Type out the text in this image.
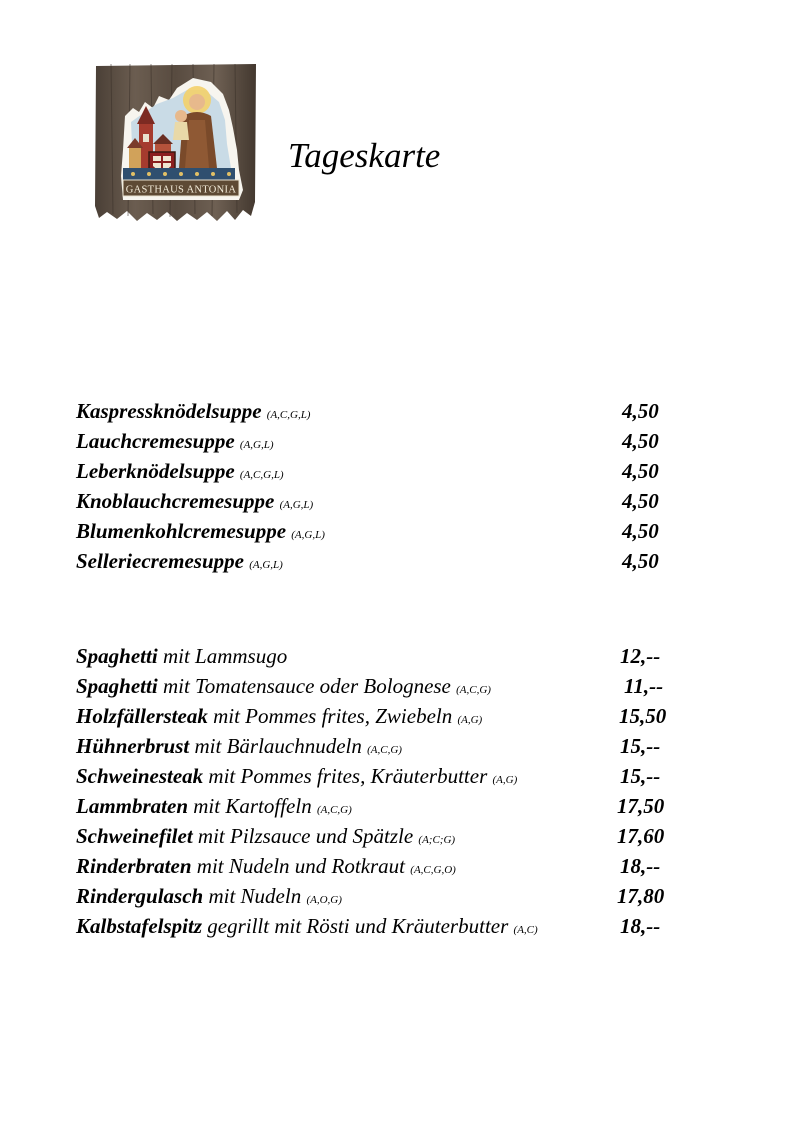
GASTHAUS ANTONIA
Tageskarte
Kaspressknödelsuppe (A,C,G,L)	4,50
Lauchcremesuppe (A,G,L)	4,50
Leberknödelsuppe (A,C,G,L)	4,50
Knoblauchcremesuppe (A,G,L)	4,50
Blumenkohlcremesuppe (A,G,L)	4,50
Selleriecremesuppe (A,G,L)	4,50
Spaghetti mit Lammsugo	12,--
Spaghetti mit Tomatensauce oder Bolognese (A,C,G)	11,--
Holzfällersteak mit Pommes frites, Zwiebeln (A,G)	15,50
Hühnerbrust mit Bärlauchnudeln (A,C,G)	15,--
Schweinesteak mit Pommes frites, Kräuterbutter (A,G)	15,--
Lammbraten mit Kartoffeln (A,C,G)	17,50
Schweinefilet mit Pilzsauce und Spätzle (A;C;G)	17,60
Rinderbraten mit Nudeln und Rotkraut (A,C,G,O)	18,--
Rindergulasch mit Nudeln (A,O,G)	17,80
Kalbstafelspitz gegrillt mit Rösti und Kräuterbutter (A,C)	18,--
